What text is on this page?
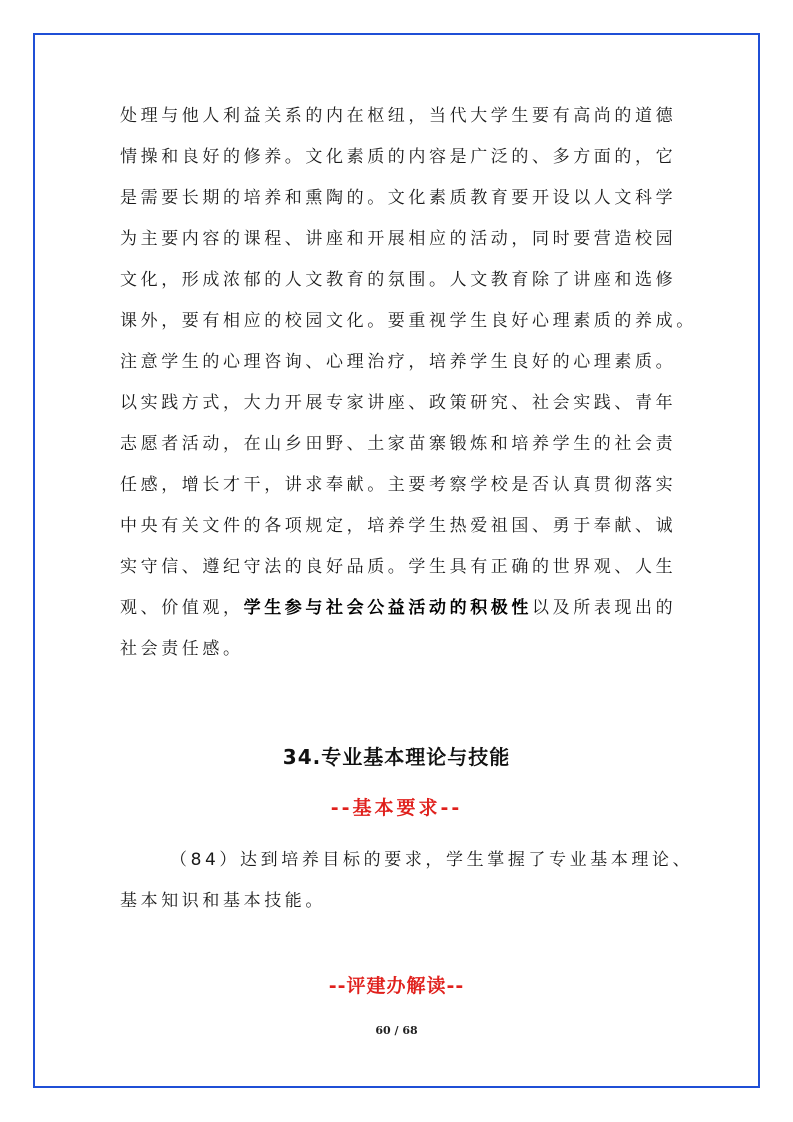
处理与他人利益关系的内在枢纽，当代大学生要有高尚的道德
情操和良好的修养。文化素质的内容是广泛的、多方面的，它
是需要长期的培养和熏陶的。文化素质教育要开设以人文科学
为主要内容的课程、讲座和开展相应的活动，同时要营造校园
文化，形成浓郁的人文教育的氛围。人文教育除了讲座和选修
课外，要有相应的校园文化。要重视学生良好心理素质的养成。
注意学生的心理咨询、心理治疗，培养学生良好的心理素质。
以实践方式，大力开展专家讲座、政策研究、社会实践、青年
志愿者活动，在山乡田野、土家苗寨锻炼和培养学生的社会责
任感，增长才干，讲求奉献。主要考察学校是否认真贯彻落实
中央有关文件的各项规定，培养学生热爱祖国、勇于奉献、诚
实守信、遵纪守法的良好品质。学生具有正确的世界观、人生
观、价值观，学生参与社会公益活动的积极性以及所表现出的
社会责任感。
34.专业基本理论与技能
--基本要求--
（84）达到培养目标的要求，学生掌握了专业基本理论、
基本知识和基本技能。
--评建办解读--
60 / 68
